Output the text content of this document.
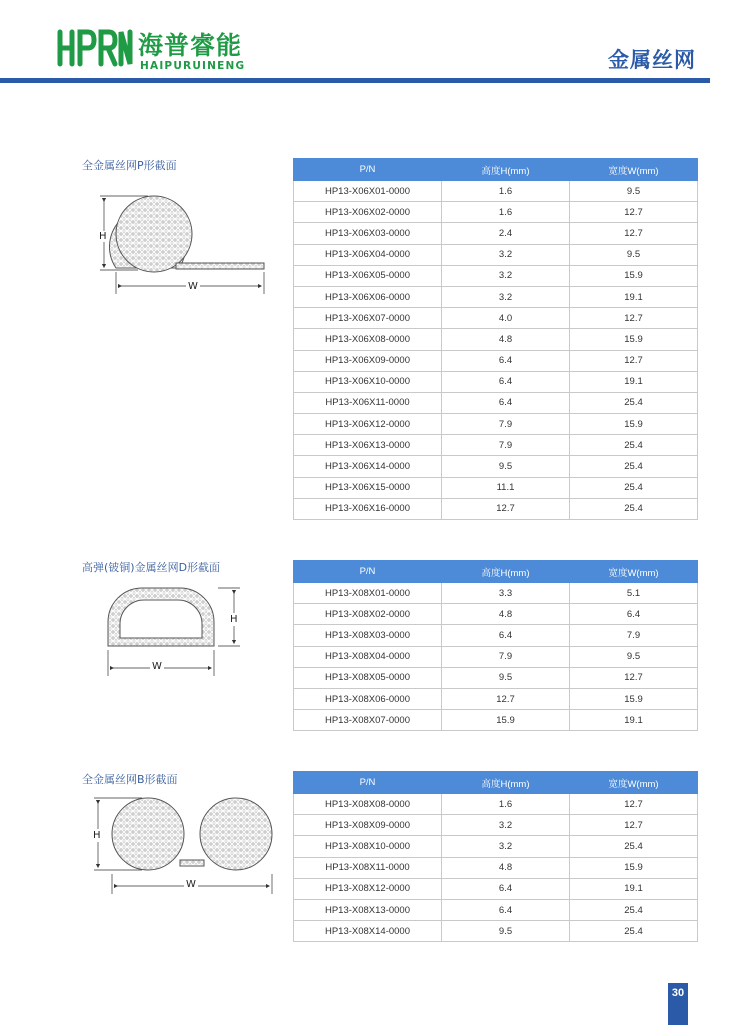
海普睿能
HAIPURUINENG	金属丝网
全金属丝网P形截面
H
W
P/N	高度H(mm)	宽度W(mm)
HP13-X06X01-0000	1.6	9.5
HP13-X06X02-0000	1.6	12.7
HP13-X06X03-0000	2.4	12.7
HP13-X06X04-0000	3.2	9.5
HP13-X06X05-0000	3.2	15.9
HP13-X06X06-0000	3.2	19.1
HP13-X06X07-0000	4.0	12.7
HP13-X06X08-0000	4.8	15.9
HP13-X06X09-0000	6.4	12.7
HP13-X06X10-0000	6.4	19.1
HP13-X06X11-0000	6.4	25.4
HP13-X06X12-0000	7.9	15.9
HP13-X06X13-0000	7.9	25.4
HP13-X06X14-0000	9.5	25.4
HP13-X06X15-0000	11.1	25.4
HP13-X06X16-0000	12.7	25.4
高弹(铍铜)金属丝网D形截面
H
W
P/N	高度H(mm)	宽度W(mm)
HP13-X08X01-0000	3.3	5.1
HP13-X08X02-0000	4.8	6.4
HP13-X08X03-0000	6.4	7.9
HP13-X08X04-0000	7.9	9.5
HP13-X08X05-0000	9.5	12.7
HP13-X08X06-0000	12.7	15.9
HP13-X08X07-0000	15.9	19.1
全金属丝网B形截面
H
W
P/N	高度H(mm)	宽度W(mm)
HP13-X08X08-0000	1.6	12.7
HP13-X08X09-0000	3.2	12.7
HP13-X08X10-0000	3.2	25.4
HP13-X08X11-0000	4.8	15.9
HP13-X08X12-0000	6.4	19.1
HP13-X08X13-0000	6.4	25.4
HP13-X08X14-0000	9.5	25.4
30
